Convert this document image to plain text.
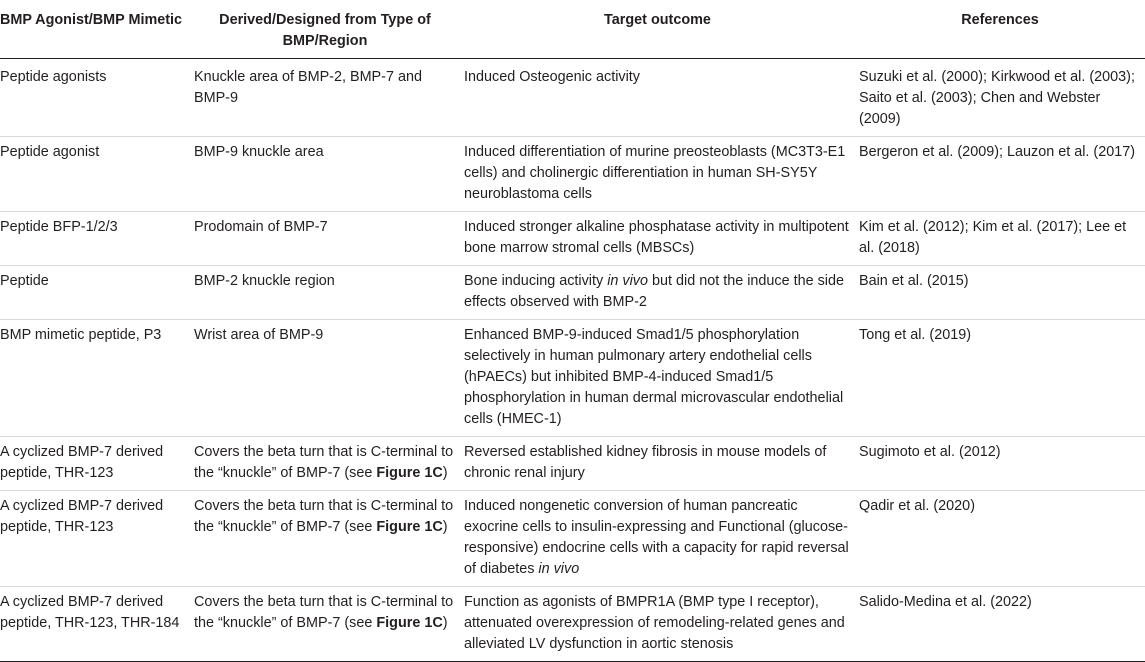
BMP Agonist/BMP Mimetic	Derived/Designed from Type of BMP/Region	Target outcome	References
Peptide agonists	Knuckle area of BMP-2, BMP-7 and BMP-9	Induced Osteogenic activity	Suzuki et al. (2000); Kirkwood et al. (2003); Saito et al. (2003); Chen and Webster (2009)
Peptide agonist	BMP-9 knuckle area	Induced differentiation of murine preosteoblasts (MC3T3-E1 cells) and cholinergic differentiation in human SH-SY5Y neuroblastoma cells	Bergeron et al. (2009); Lauzon et al. (2017)
Peptide BFP-1/2/3	Prodomain of BMP-7	Induced stronger alkaline phosphatase activity in multipotent bone marrow stromal cells (MBSCs)	Kim et al. (2012); Kim et al. (2017); Lee et al. (2018)
Peptide	BMP-2 knuckle region	Bone inducing activity in vivo but did not the induce the side effects observed with BMP-2	Bain et al. (2015)
BMP mimetic peptide, P3	Wrist area of BMP-9	Enhanced BMP-9-induced Smad1/5 phosphorylation selectively in human pulmonary artery endothelial cells (hPAECs) but inhibited BMP-4-induced Smad1/5 phosphorylation in human dermal microvascular endothelial cells (HMEC-1)	Tong et al. (2019)
A cyclized BMP-7 derived peptide, THR-123	Covers the beta turn that is C-terminal to the “knuckle” of BMP-7 (see Figure 1C)	Reversed established kidney fibrosis in mouse models of chronic renal injury	Sugimoto et al. (2012)
A cyclized BMP-7 derived peptide, THR-123	Covers the beta turn that is C-terminal to the “knuckle” of BMP-7 (see Figure 1C)	Induced nongenetic conversion of human pancreatic exocrine cells to insulin-expressing and Functional (glucose-responsive) endocrine cells with a capacity for rapid reversal of diabetes in vivo	Qadir et al. (2020)
A cyclized BMP-7 derived peptide, THR-123, THR-184	Covers the beta turn that is C-terminal to the “knuckle” of BMP-7 (see Figure 1C)	Function as agonists of BMPR1A (BMP type I receptor), attenuated overexpression of remodeling-related genes and alleviated LV dysfunction in aortic stenosis	Salido-Medina et al. (2022)
